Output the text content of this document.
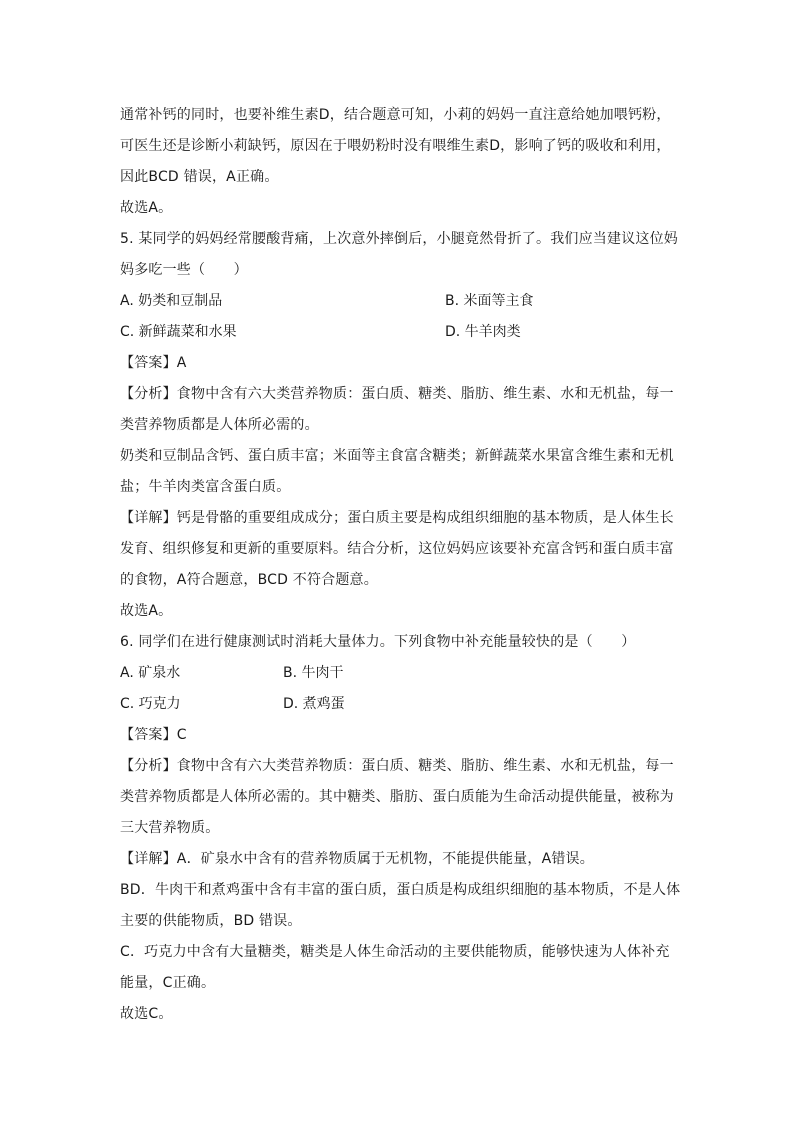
通常补钙的同时，也要补维生素D，结合题意可知，小莉的妈妈一直注意给她加喂钙粉，
可医生还是诊断小莉缺钙，原因在于喂奶粉时没有喂维生素D，影响了钙的吸收和利用，
因此BCD 错误，A正确。
故选A。
5. 某同学的妈妈经常腰酸背痛，上次意外摔倒后，小腿竟然骨折了。我们应当建议这位妈
妈多吃一些（　　）
A. 奶类和豆制品	B. 米面等主食
C. 新鲜蔬菜和水果	D. 牛羊肉类
【答案】A
【分析】食物中含有六大类营养物质：蛋白质、糖类、脂肪、维生素、水和无机盐，每一
类营养物质都是人体所必需的。
奶类和豆制品含钙、蛋白质丰富；米面等主食富含糖类；新鲜蔬菜水果富含维生素和无机
盐；牛羊肉类富含蛋白质。
【详解】钙是骨骼的重要组成成分；蛋白质主要是构成组织细胞的基本物质，是人体生长
发育、组织修复和更新的重要原料。结合分析，这位妈妈应该要补充富含钙和蛋白质丰富
的食物，A符合题意，BCD 不符合题意。
故选A。
6. 同学们在进行健康测试时消耗大量体力。下列食物中补充能量较快的是（　　）
A. 矿泉水	B. 牛肉干
C. 巧克力	D. 煮鸡蛋
【答案】C
【分析】食物中含有六大类营养物质：蛋白质、糖类、脂肪、维生素、水和无机盐，每一
类营养物质都是人体所必需的。其中糖类、脂肪、蛋白质能为生命活动提供能量，被称为
三大营养物质。
【详解】A．矿泉水中含有的营养物质属于无机物，不能提供能量，A错误。
BD．牛肉干和煮鸡蛋中含有丰富的蛋白质，蛋白质是构成组织细胞的基本物质，不是人体
主要的供能物质，BD 错误。
C．巧克力中含有大量糖类，糖类是人体生命活动的主要供能物质，能够快速为人体补充
能量，C正确。
故选C。
